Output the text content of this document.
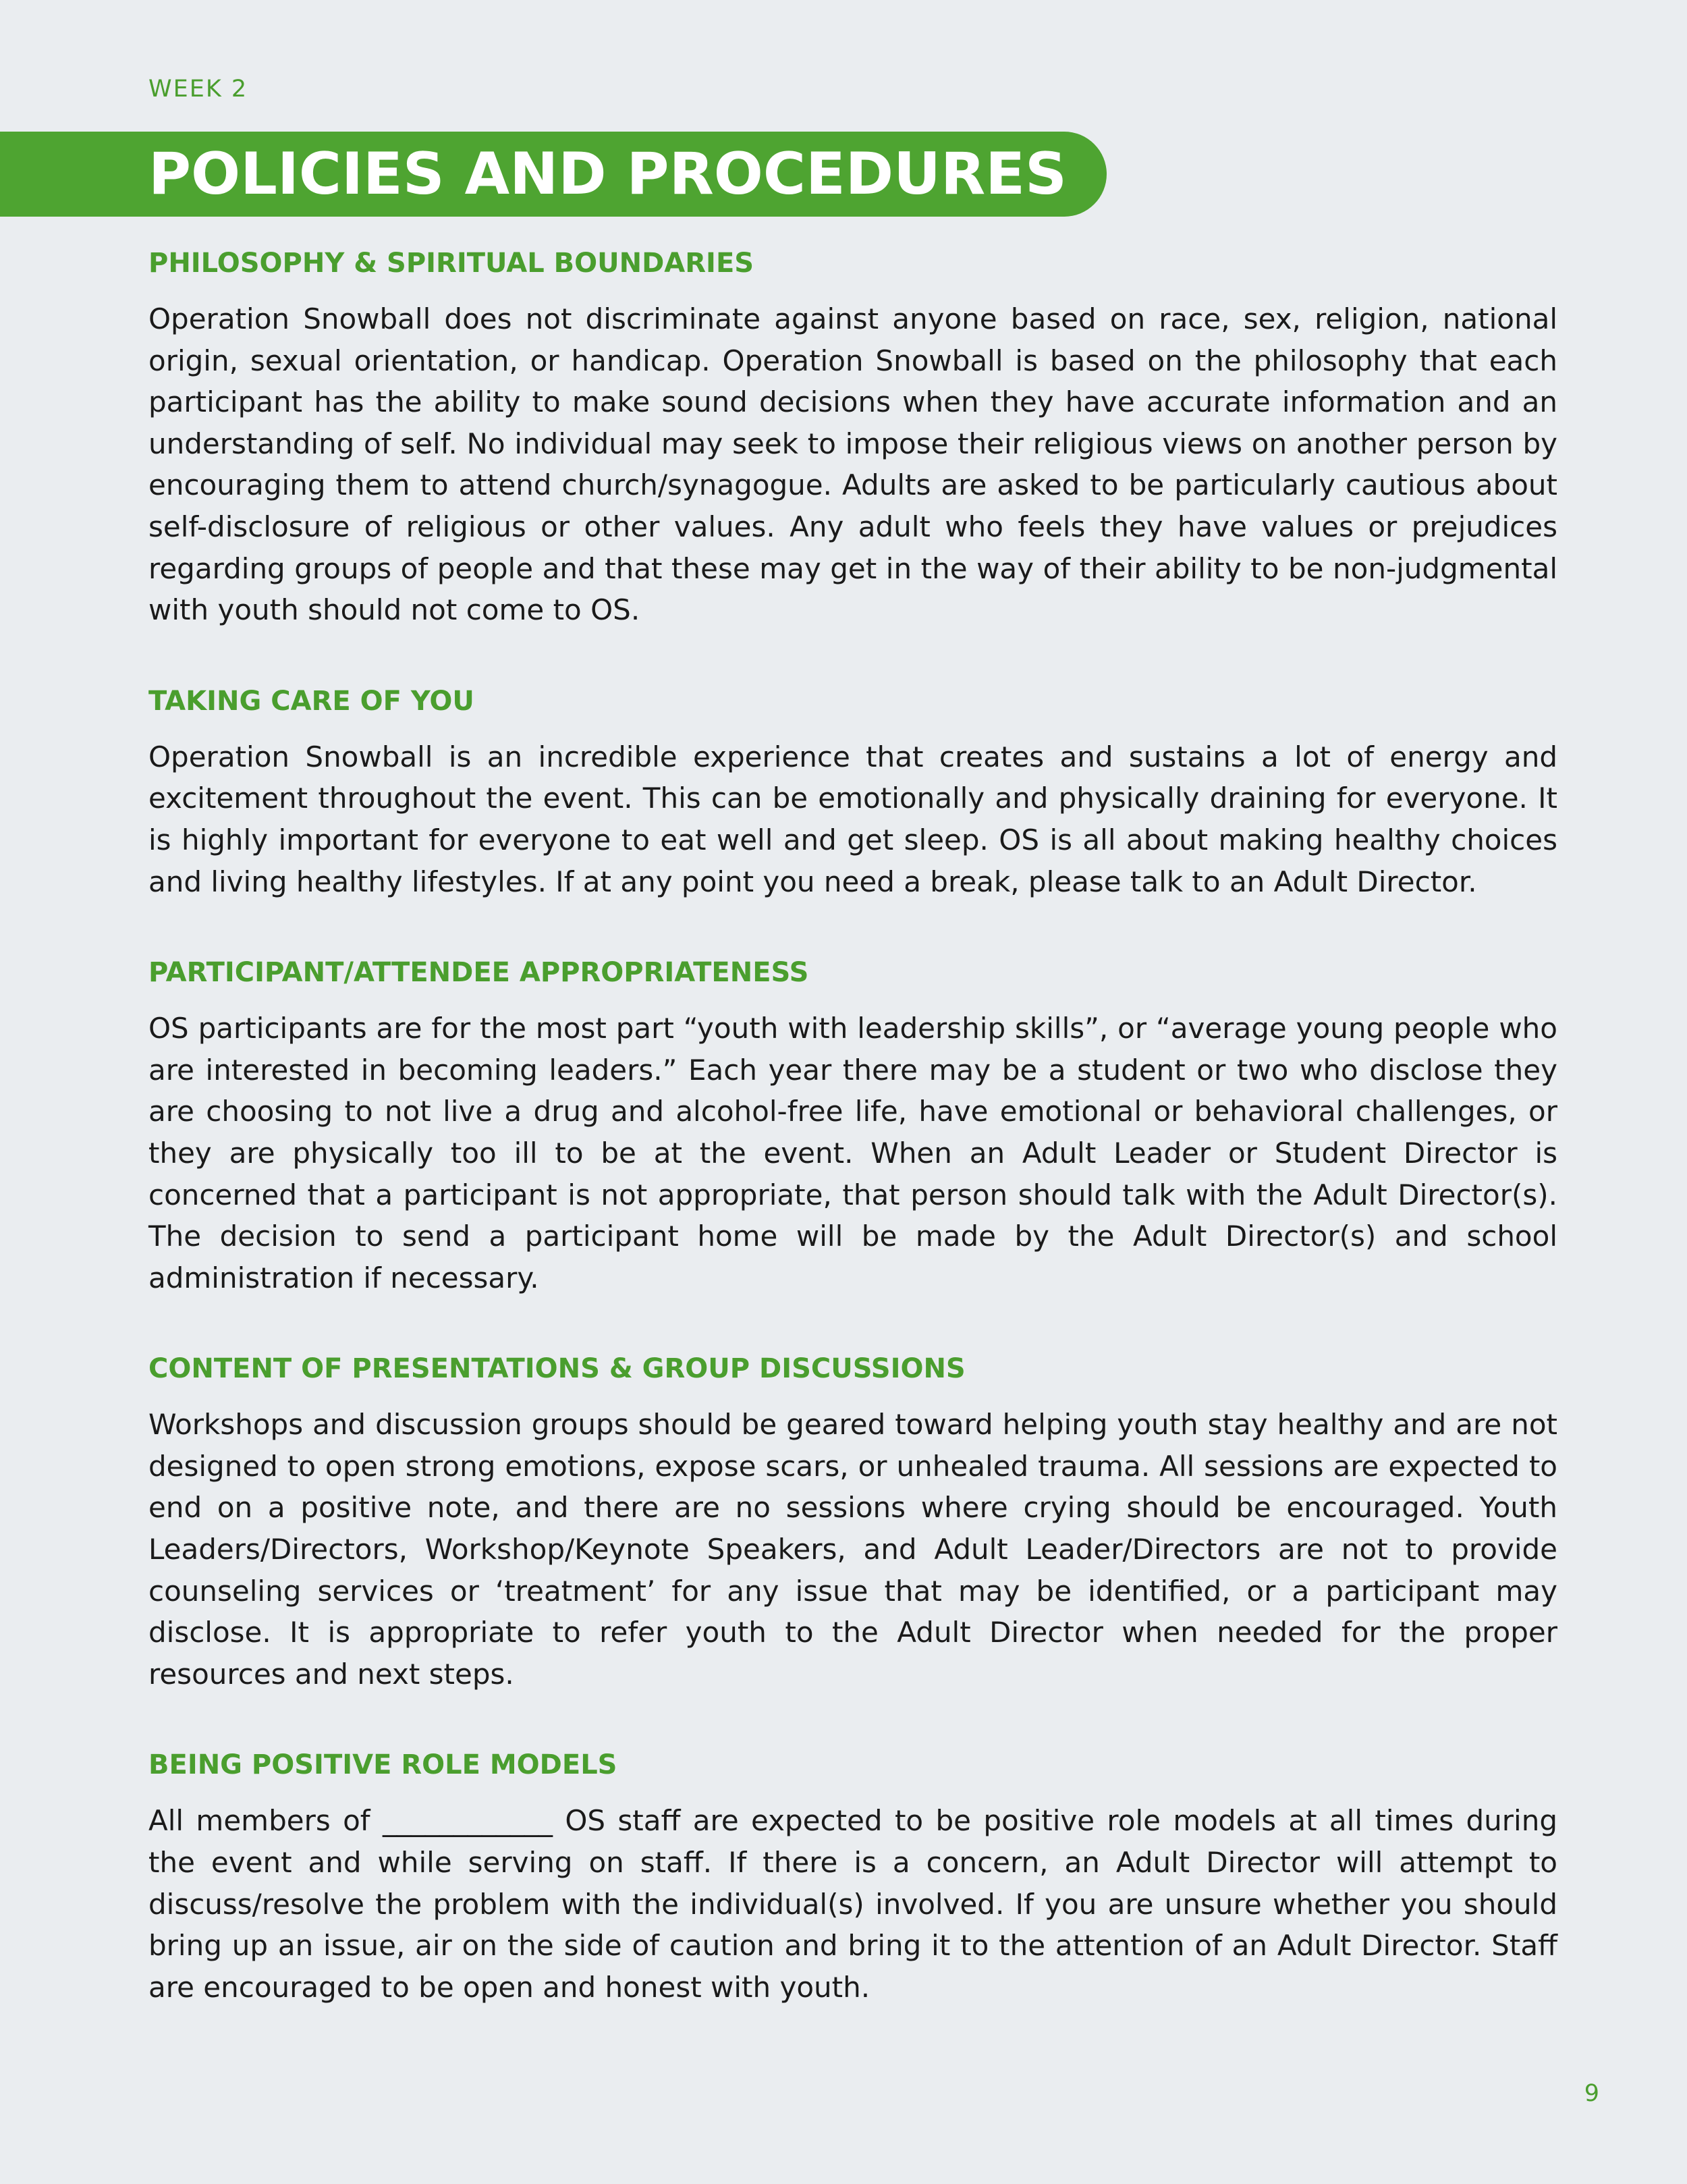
WEEK 2
POLICIES AND PROCEDURES
PHILOSOPHY & SPIRITUAL BOUNDARIES

Operation Snowball does not discriminate against anyone based on race, sex, religion, national origin, sexual orientation, or handicap. Operation Snowball is based on the philosophy that each participant has the ability to make sound decisions when they have accurate information and an understanding of self. No individual may seek to impose their religious views on another person by encouraging them to attend church/synagogue. Adults are asked to be particularly cautious about self-disclosure of religious or other values. Any adult who feels they have values or prejudices regarding groups of people and that these may get in the way of their ability to be non-judgmental with youth should not come to OS.

TAKING CARE OF YOU

Operation Snowball is an incredible experience that creates and sustains a lot of energy and excitement throughout the event. This can be emotionally and physically draining for everyone. It is highly important for everyone to eat well and get sleep. OS is all about making healthy choices and living healthy lifestyles. If at any point you need a break, please talk to an Adult Director.

PARTICIPANT/ATTENDEE APPROPRIATENESS

OS participants are for the most part “youth with leadership skills”, or “average young people who are interested in becoming leaders.” Each year there may be a student or two who disclose they are choosing to not live a drug and alcohol-free life, have emotional or behavioral challenges, or they are physically too ill to be at the event. When an Adult Leader or Student Director is concerned that a participant is not appropriate, that person should talk with the Adult Director(s). The decision to send a participant home will be made by the Adult Director(s) and school administration if necessary.

CONTENT OF PRESENTATIONS & GROUP DISCUSSIONS

Workshops and discussion groups should be geared toward helping youth stay healthy and are not designed to open strong emotions, expose scars, or unhealed trauma. All sessions are expected to end on a positive note, and there are no sessions where crying should be encouraged. Youth Leaders/Directors, Workshop/Keynote Speakers, and Adult Leader/Directors are not to provide counseling services or ‘treatment’ for any issue that may be identified, or a participant may disclose. It is appropriate to refer youth to the Adult Director when needed for the proper resources and next steps.

BEING POSITIVE ROLE MODELS

All members of ____________ OS staff are expected to be positive role models at all times during the event and while serving on staff. If there is a concern, an Adult Director will attempt to discuss/resolve the problem with the individual(s) involved. If you are unsure whether you should bring up an issue, air on the side of caution and bring it to the attention of an Adult Director. Staff are encouraged to be open and honest with youth.

9
